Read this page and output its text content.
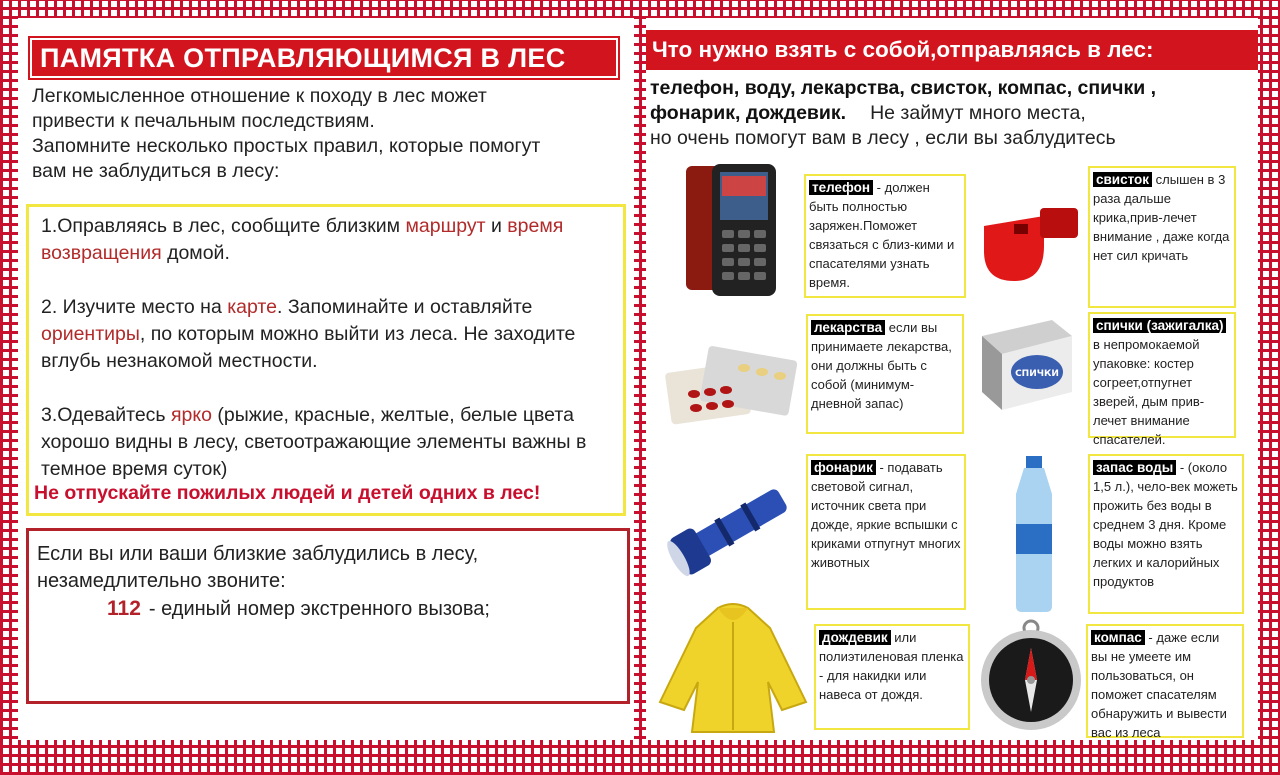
ПАМЯТКА ОТПРАВЛЯЮЩИМСЯ В ЛЕС
Легкомысленное отношение к походу в лес может
привести к печальным последствиям.
Запомните несколько простых правил, которые помогут
вам не заблудиться в лесу:

1.Оправляясь в лес, сообщите близким маршрут и время возвращения домой.

2. Изучите место на карте. Запоминайте и оставляйте ориентиры, по которым можно выйти из леса. Не заходите вглубь незнакомой местности.

3.Одевайтесь ярко (рыжие, красные, желтые, белые цвета хорошо видны в лесу, светоотражающие элементы важны в темное время суток)

Не отпускайте пожилых людей и детей одних в лес!
Если вы или ваши близкие заблудились в лесу,
незамедлительно звоните:
112 - единый номер экстренного вызова;
Что нужно взять с собой,отправляясь в лес:
телефон, воду, лекарства, свисток, компас, спички ,
фонарик, дождевик. Не займут много места,
но очень помогут вам в лесу , если вы заблудитесь
телефон - должен быть полностью заряжен.Поможет связаться с близ-кими и спасателями узнать время.
свисток слышен в 3 раза дальше крика,прив-лечет внимание , даже когда нет сил кричать
лекарства если вы принимаете лекарства, они должны быть с собой (минимум-дневной запас)
СПИЧКИ
спички (зажигалка) в непромокаемой упаковке: костер согреет,отпугнет зверей, дым прив-лечет внимание спасателей.
фонарик - подавать световой сигнал, источник света при дожде, яркие вспышки с криками отпугнут многих животных
запас воды - (около 1,5 л.), чело-век можеть прожить без воды в среднем 3 дня. Кроме воды можно взять легких и калорийных продуктов
дождевик или полиэтиленовая пленка - для накидки или навеса от дождя.
компас - даже если вы не умеете им пользоваться, он поможет спасателям обнаружить и вывести вас из леса
